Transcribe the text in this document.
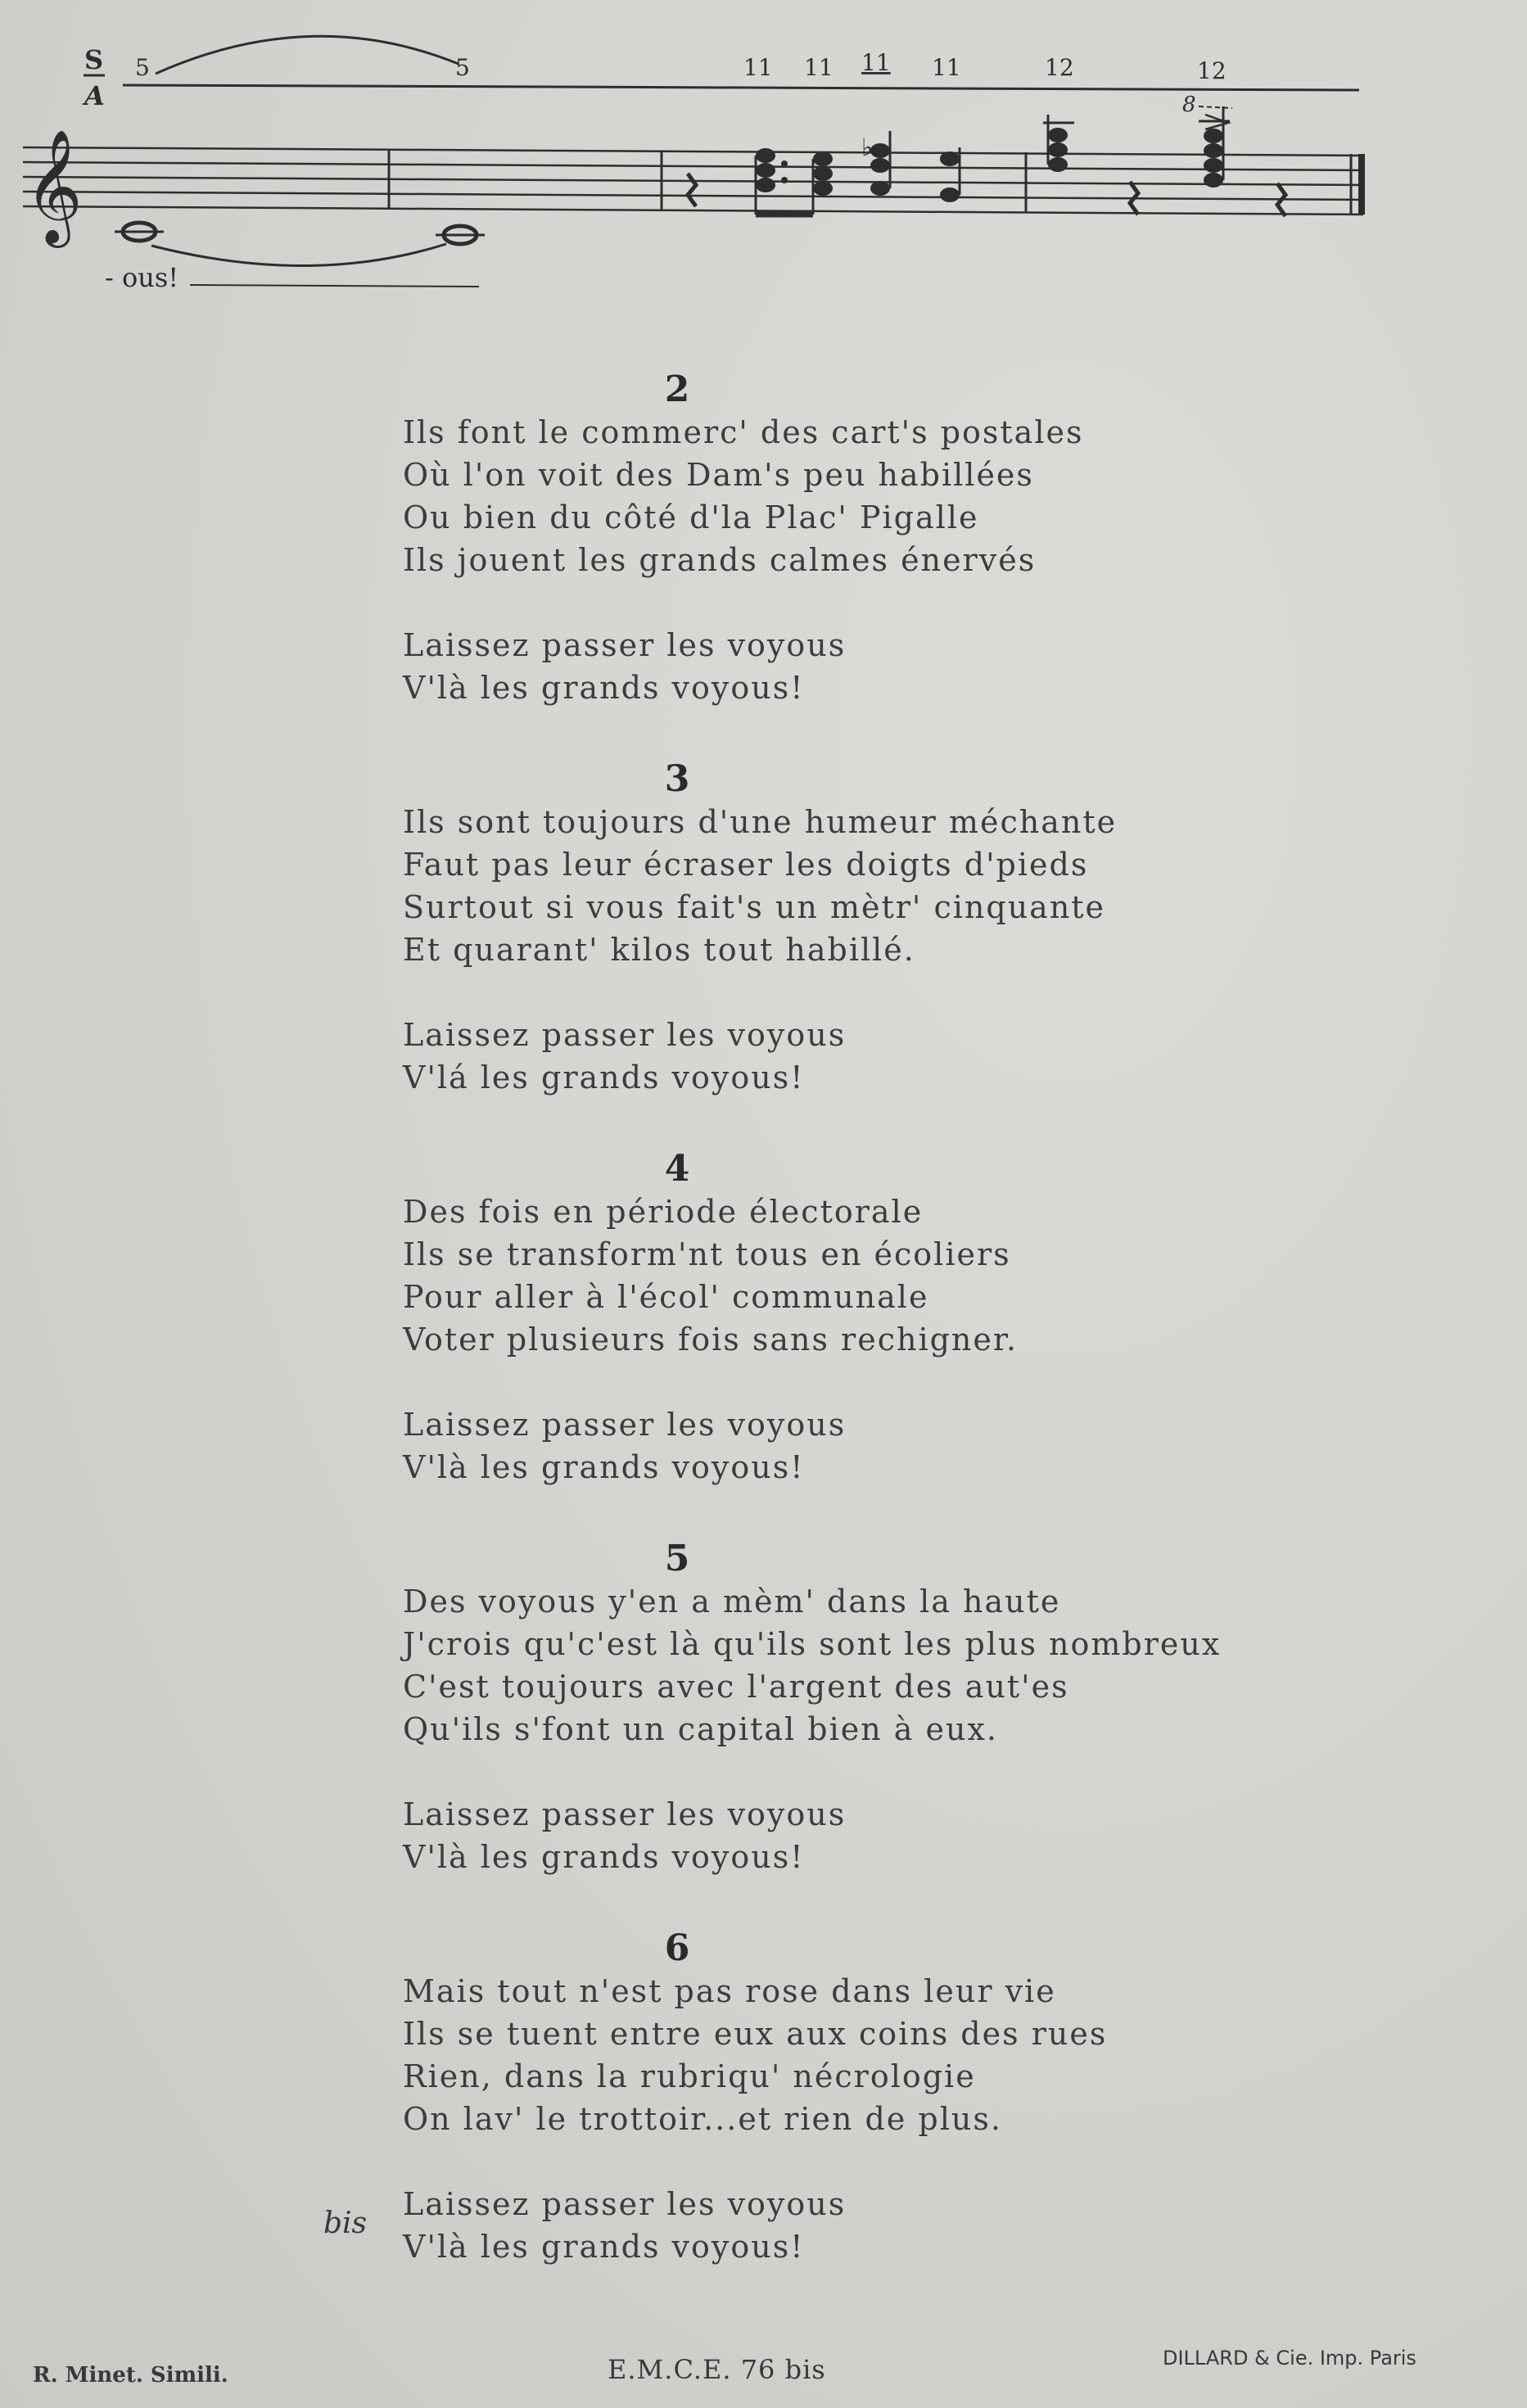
S
A
5	5	11 11 11 11	12	12
𝄞
- ous!
♭
8
2
Ils font le commerc' des cart's postales
Où l'on voit des Dam's peu habillées
Ou bien du côté d'la Plac' Pigalle
Ils jouent les grands calmes énervés
Laissez passer les voyous
V'là les grands voyous!
3
Ils sont toujours d'une humeur méchante
Faut pas leur écraser les doigts d'pieds
Surtout si vous fait's un mètr' cinquante
Et quarant' kilos tout habillé.
Laissez passer les voyous
V'lá les grands voyous!
4
Des fois en période électorale
Ils se transform'nt tous en écoliers
Pour aller à l'écol' communale
Voter plusieurs fois sans rechigner.
Laissez passer les voyous
V'là les grands voyous!
5
Des voyous y'en a mèm' dans la haute
J'crois qu'c'est là qu'ils sont les plus nombreux
C'est toujours avec l'argent des aut'es
Qu'ils s'font un capital bien à eux.
Laissez passer les voyous
V'là les grands voyous!
6
Mais tout n'est pas rose dans leur vie
Ils se tuent entre eux aux coins des rues
Rien, dans la rubriqu' nécrologie
On lav' le trottoir...et rien de plus.
Laissez passer les voyous
V'là les grands voyous!
bis
R. Minet. Simili.	E.M.C.E. 76 bis	DILLARD & Cie. Imp. Paris
